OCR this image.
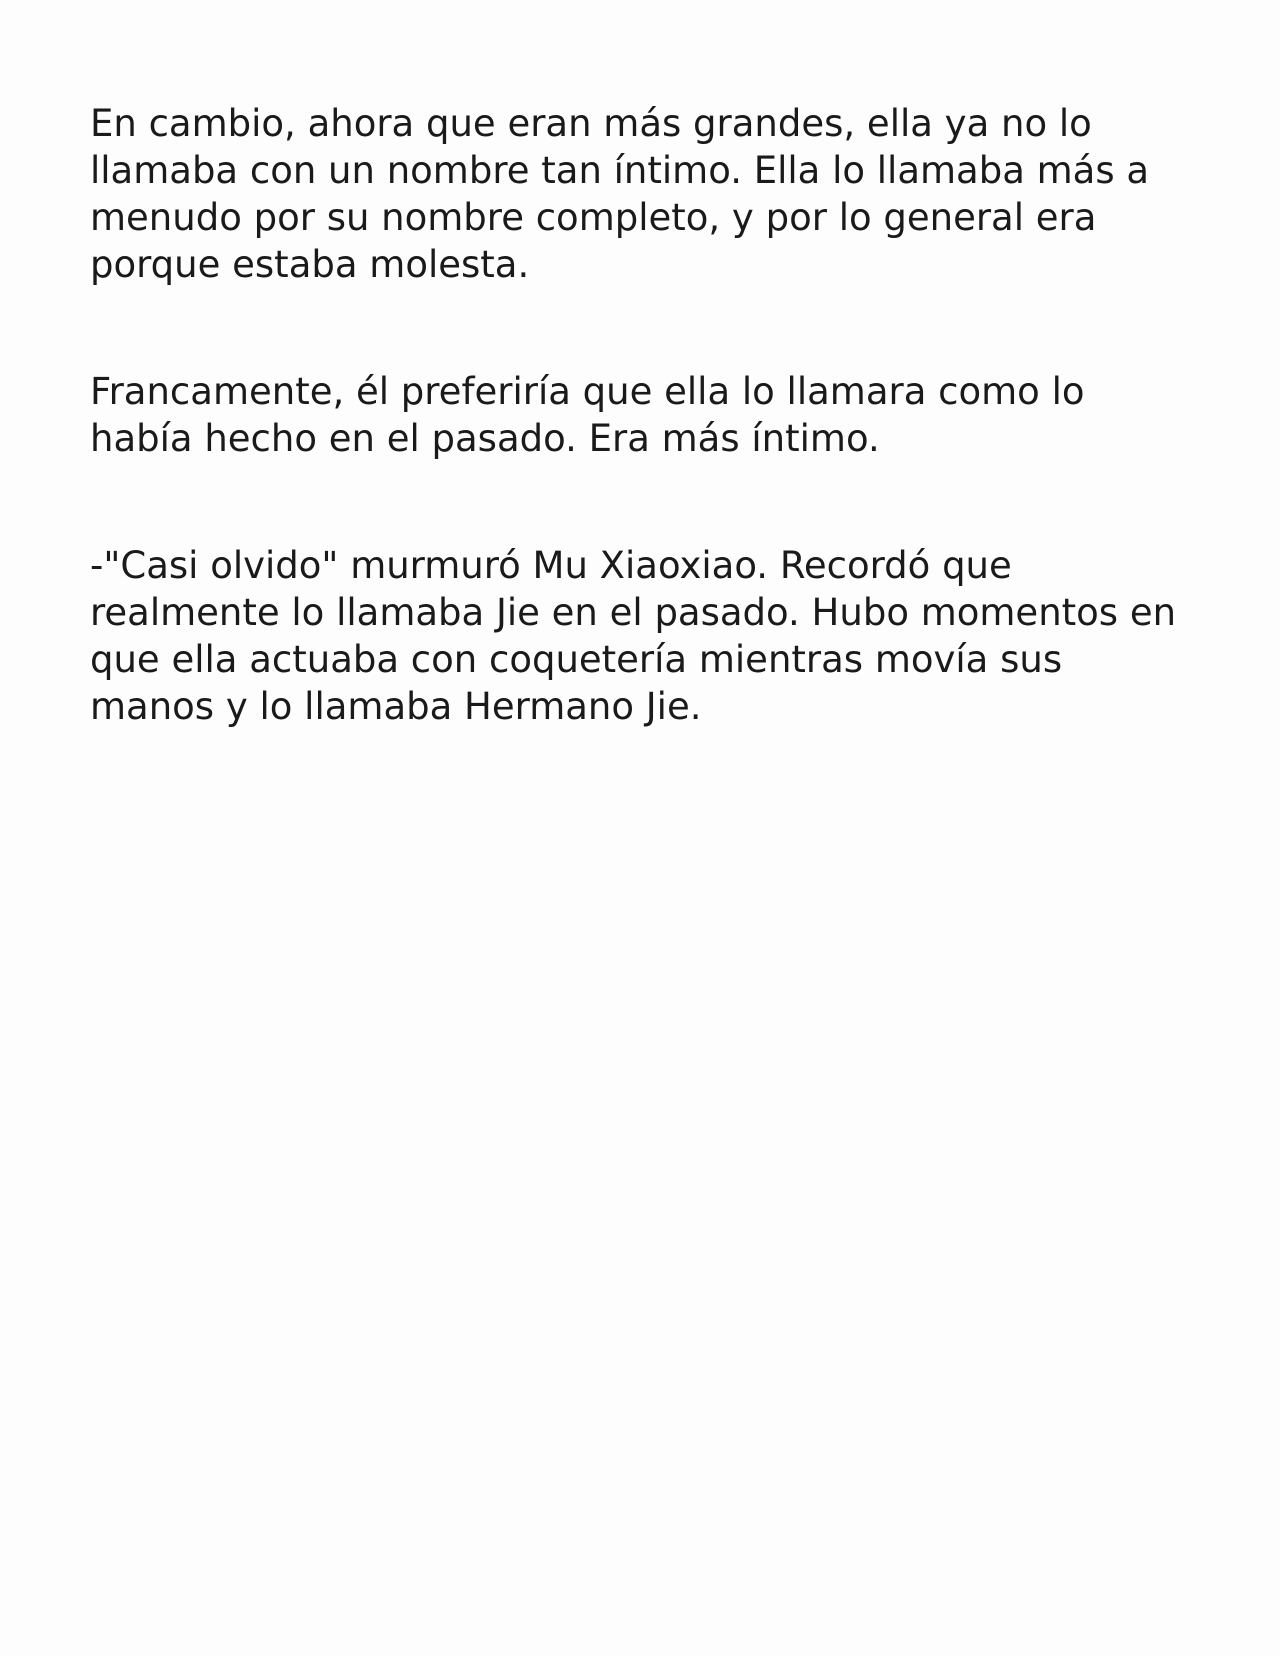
En cambio, ahora que eran más grandes, ella ya no lo
llamaba con un nombre tan íntimo. Ella lo llamaba más a
menudo por su nombre completo, y por lo general era
porque estaba molesta.

Francamente, él preferiría que ella lo llamara como lo
había hecho en el pasado. Era más íntimo.

-"Casi olvido" murmuró Mu Xiaoxiao. Recordó que
realmente lo llamaba Jie en el pasado. Hubo momentos en
que ella actuaba con coquetería mientras movía sus
manos y lo llamaba Hermano Jie.
